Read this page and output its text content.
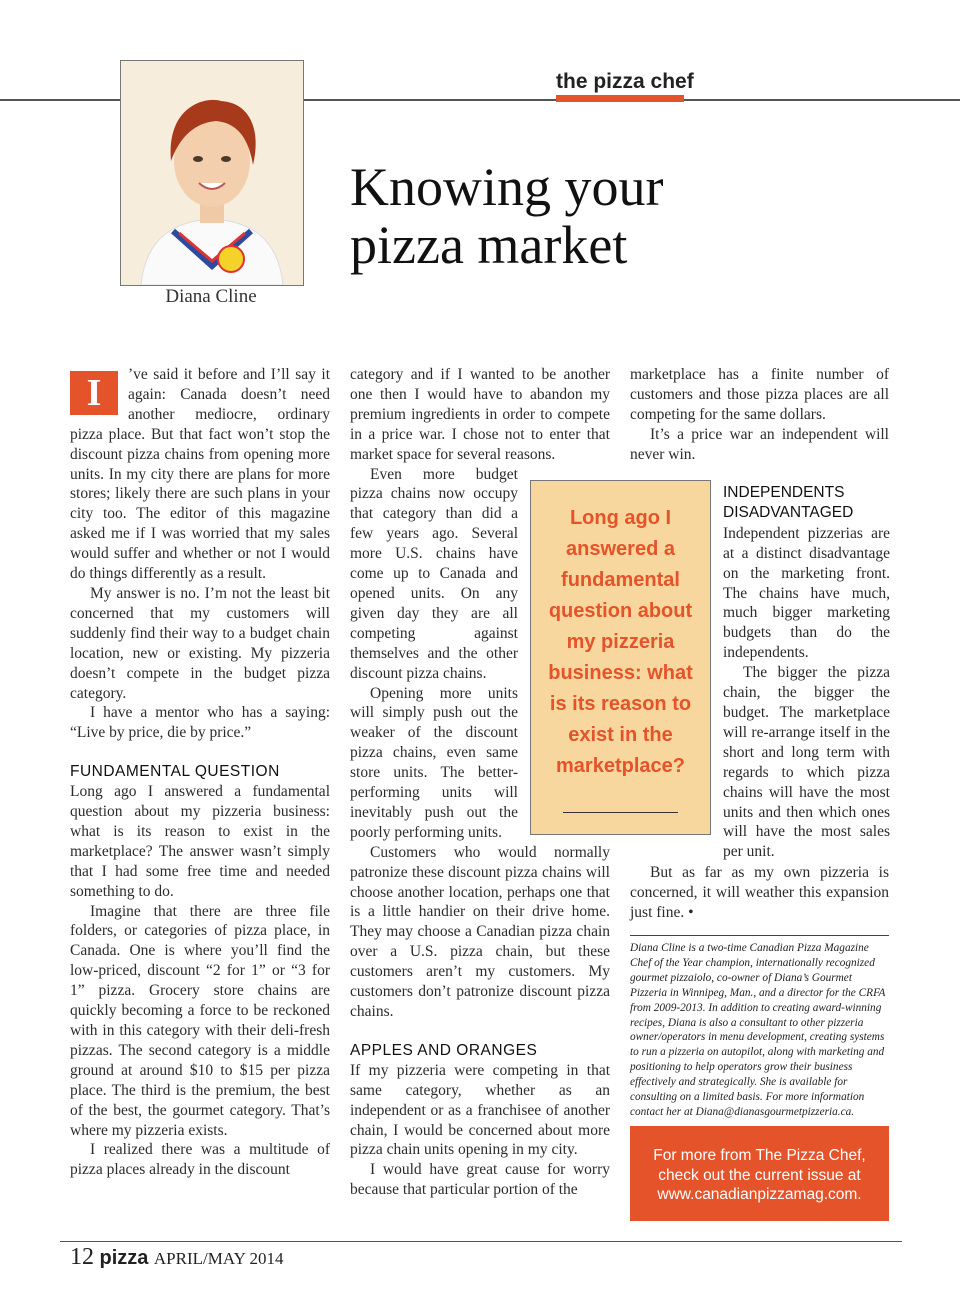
the pizza chef
Diana Cline
Knowing your pizza market
I	’ve said it before and I’ll say it again: Canada doesn’t need another mediocre, ordinary pizza place. But that fact won’t stop the discount pizza chains from opening more units. In my city there are plans for more stores; likely there are such plans in your city too. The editor of this magazine asked me if I was worried that my sales would suffer and whether or not I would do things differently as a result.

My answer is no. I’m not the least bit concerned that my customers will suddenly find their way to a budget chain location, new or existing. My pizzeria doesn’t compete in the budget pizza category.

I have a mentor who has a saying: “Live by price, die by price.”

FUNDAMENTAL QUESTION

Long ago I answered a fundamental question about my pizzeria business: what is its reason to exist in the marketplace? The answer wasn’t simply that I had some free time and needed something to do.

Imagine that there are three file folders, or categories of pizza place, in Canada. One is where you’ll find the low-priced, discount “2 for 1” or “3 for 1” pizza. Grocery store chains are quickly becoming a force to be reckoned with in this category with their deli-fresh pizzas. The second category is a middle ground at around $10 to $15 per pizza place. The third is the premium, the best of the best, the gourmet category. That’s where my pizzeria exists.

I realized there was a multitude of pizza places already in the discount

category and if I wanted to be another one then I would have to abandon my premium ingredients in order to compete in a price war. I chose not to enter that market space for several reasons.

Even more budget pizza chains now occupy that category than did a few years ago. Several more U.S. chains have come up to Canada and opened units. On any given day they are all competing against themselves and the other discount pizza chains.

Opening more units will simply push out the weaker of the discount pizza chains, even same store units. The better-performing units will inevitably push out the poorly performing units.

Customers who would normally patronize these discount pizza chains will choose another location, perhaps one that is a little handier on their drive home. They may choose a Canadian pizza chain over a U.S. pizza chain, but these customers aren’t my customers. My customers don’t patronize discount pizza chains.

APPLES AND ORANGES

If my pizzeria were competing in that same category, whether as an independent or as a franchisee of another chain, I would be concerned about more pizza chain units opening in my city.

I would have great cause for worry because that particular portion of the

Long ago I answered a fundamental question about my pizzeria business: what is its reason to exist in the marketplace?

marketplace has a finite number of customers and those pizza places are all competing for the same dollars.

It’s a price war an independent will never win.

INDEPENDENTS DISADVANTAGED

Independent pizzerias are at a distinct disadvantage on the marketing front. The chains have much, much bigger marketing budgets than do the independents.

The bigger the pizza chain, the bigger the budget. The marketplace will re-arrange itself in the short and long term with regards to which pizza chains will have the most units and then which ones will have the most sales per unit.

But as far as my own pizzeria is concerned, it will weather this expansion just fine. •

Diana Cline is a two-time Canadian Pizza Magazine Chef of the Year champion, internationally recognized gourmet pizzaiolo, co-owner of Diana’s Gourmet Pizzeria in Winnipeg, Man., and a director for the CRFA from 2009-2013. In addition to creating award-winning recipes, Diana is also a consultant to other pizzeria owner/operators in menu development, creating systems to run a pizzeria on autopilot, along with marketing and positioning to help operators grow their business effectively and strategically. She is available for consulting on a limited basis. For more information contact her at Diana@dianasgourmetpizzeria.ca.
For more from The Pizza Chef,
check out the current issue at
www.canadianpizzamag.com.
12 pizza APRIL/MAY 2014
